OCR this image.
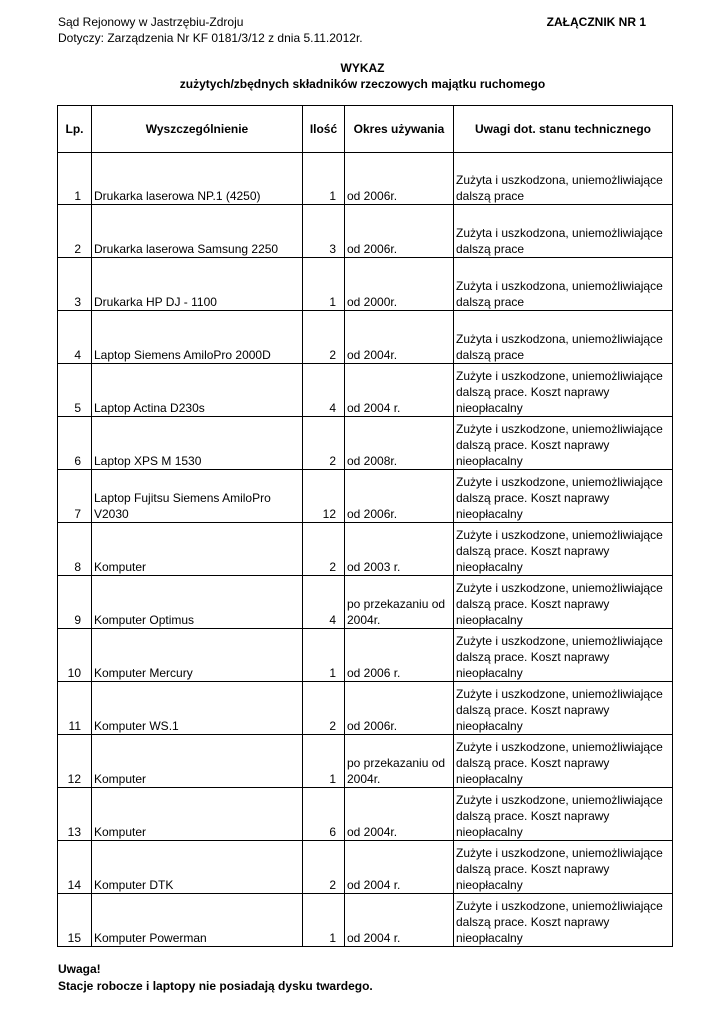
Sąd Rejonowy w Jastrzębiu-Zdroju
Dotyczy: Zarządzenia Nr KF 0181/3/12 z dnia 5.11.2012r.
ZAŁĄCZNIK NR 1
WYKAZ
zużytych/zbędnych składników rzeczowych majątku ruchomego
Lp.	Wyszczególnienie	Ilość	Okres używania	Uwagi dot. stanu technicznego
1	Drukarka laserowa NP.1 (4250)	1	od 2006r.	Zużyta i uszkodzona, uniemożliwiające dalszą prace
2	Drukarka laserowa Samsung 2250	3	od 2006r.	Zużyta i uszkodzona, uniemożliwiające dalszą prace
3	Drukarka HP DJ - 1100	1	od 2000r.	Zużyta i uszkodzona, uniemożliwiające dalszą prace
4	Laptop Siemens AmiloPro 2000D	2	od 2004r.	Zużyta i uszkodzona, uniemożliwiające dalszą prace
5	Laptop Actina D230s	4	od 2004 r.	Zużyte i uszkodzone, uniemożliwiające dalszą prace. Koszt naprawy nieopłacalny
6	Laptop XPS M 1530	2	od 2008r.	Zużyte i uszkodzone, uniemożliwiające dalszą prace. Koszt naprawy nieopłacalny
7	Laptop Fujitsu Siemens AmiloPro V2030	12	od 2006r.	Zużyte i uszkodzone, uniemożliwiające dalszą prace. Koszt naprawy nieopłacalny
8	Komputer	2	od 2003 r.	Zużyte i uszkodzone, uniemożliwiające dalszą prace. Koszt naprawy nieopłacalny
9	Komputer Optimus	4	po przekazaniu od 2004r.	Zużyte i uszkodzone, uniemożliwiające dalszą prace. Koszt naprawy nieopłacalny
10	Komputer Mercury	1	od 2006 r.	Zużyte i uszkodzone, uniemożliwiające dalszą prace. Koszt naprawy nieopłacalny
11	Komputer WS.1	2	od 2006r.	Zużyte i uszkodzone, uniemożliwiające dalszą prace. Koszt naprawy nieopłacalny
12	Komputer	1	po przekazaniu od 2004r.	Zużyte i uszkodzone, uniemożliwiające dalszą prace. Koszt naprawy nieopłacalny
13	Komputer	6	od 2004r.	Zużyte i uszkodzone, uniemożliwiające dalszą prace. Koszt naprawy nieopłacalny
14	Komputer DTK	2	od 2004 r.	Zużyte i uszkodzone, uniemożliwiające dalszą prace. Koszt naprawy nieopłacalny
15	Komputer Powerman	1	od 2004 r.	Zużyte i uszkodzone, uniemożliwiające dalszą prace. Koszt naprawy nieopłacalny
Uwaga!
Stacje robocze i laptopy nie posiadają dysku twardego.
